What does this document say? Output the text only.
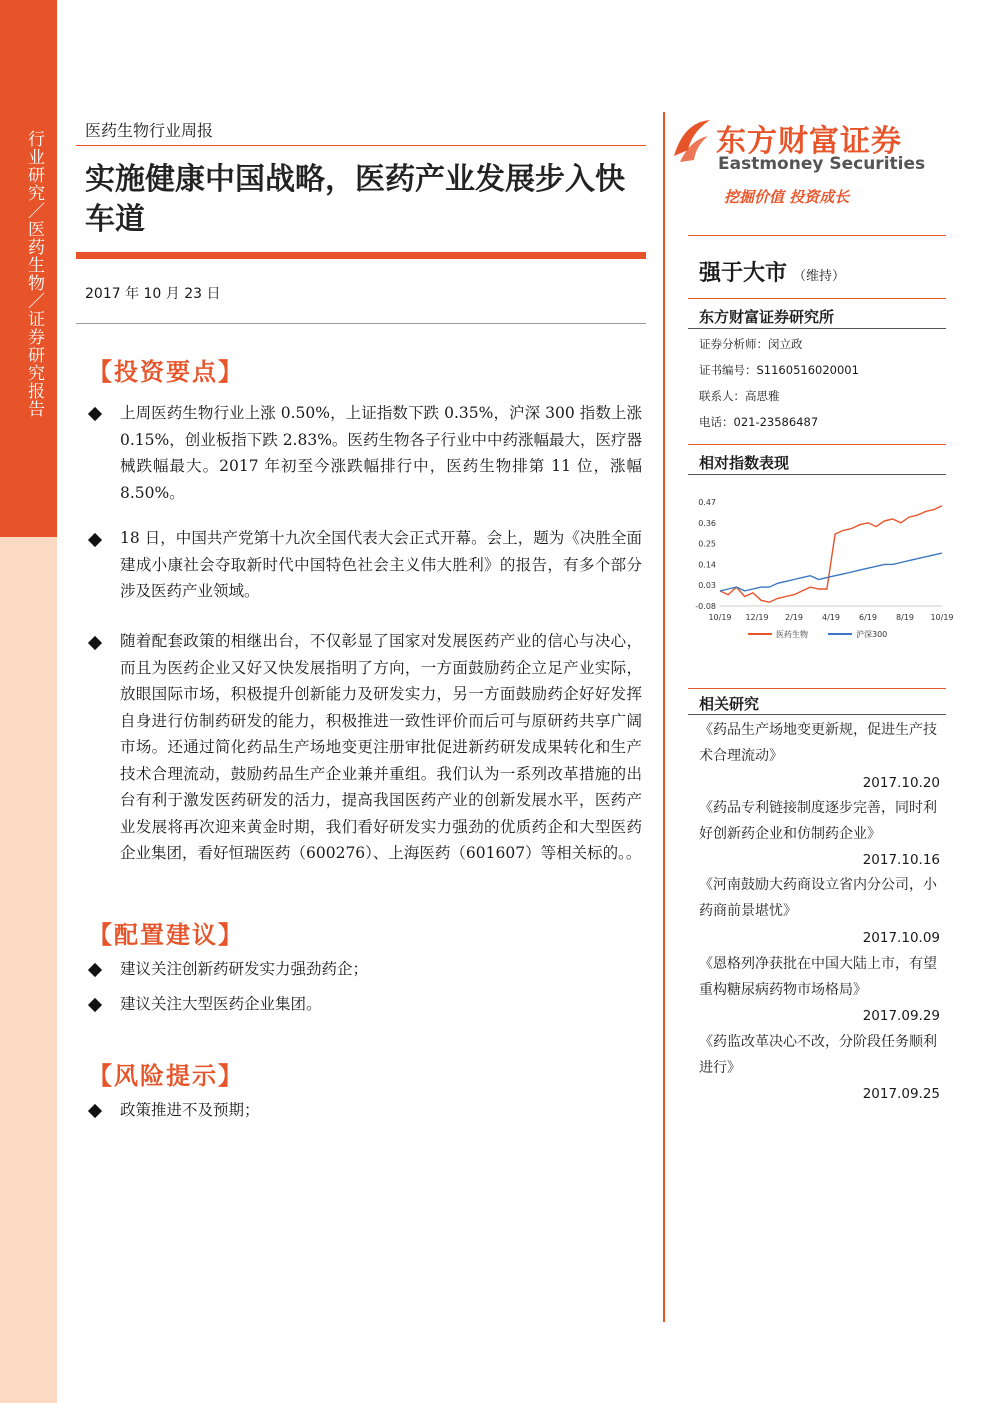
行业研究／医药生物／证券研究报告	医药生物行业周报
实施健康中国战略，医药产业发展步入快车道
2017 年 10 月 23 日
【投资要点】
上周医药生物行业上涨 0.50%，上证指数下跌 0.35%，沪深 300 指数上涨 0.15%，创业板指下跌 2.83%。医药生物各子行业中中药涨幅最大，医疗器械跌幅最大。2017 年初至今涨跌幅排行中，医药生物排第 11 位，涨幅 8.50%。
18 日，中国共产党第十九次全国代表大会正式开幕。会上，题为《决胜全面建成小康社会夺取新时代中国特色社会主义伟大胜利》的报告，有多个部分涉及医药产业领域。
随着配套政策的相继出台，不仅彰显了国家对发展医药产业的信心与决心，而且为医药企业又好又快发展指明了方向，一方面鼓励药企立足产业实际，放眼国际市场，积极提升创新能力及研发实力，另一方面鼓励药企好好发挥自身进行仿制药研发的能力，积极推进一致性评价而后可与原研药共享广阔市场。还通过简化药品生产场地变更注册审批促进新药研发成果转化和生产技术合理流动，鼓励药品生产企业兼并重组。我们认为一系列改革措施的出台有利于激发医药研发的活力，提高我国医药产业的创新发展水平，医药产业发展将再次迎来黄金时期，我们看好研发实力强劲的优质药企和大型医药企业集团，看好恒瑞医药（600276）、上海医药（601607）等相关标的。。
【配置建议】
建议关注创新药研发实力强劲药企；
建议关注大型医药企业集团。
【风险提示】
政策推进不及预期；
东方财富证券
Eastmoney Securities
挖掘价值 投资成长
强于大市 （维持）
东方财富证券研究所
证券分析师：闵立政
证书编号：S1160516020001
联系人：高思雅
电话：021-23586487
相对指数表现
0.47
0.36
0.25
0.14
0.03
-0.08
10/19 12/19 2/19 4/19 6/19 8/19 10/19
医药生物	沪深300
相关研究
《药品生产场地变更新规，促进生产技术合理流动》
2017.10.20
《药品专利链接制度逐步完善，同时利好创新药企业和仿制药企业》
2017.10.16
《河南鼓励大药商设立省内分公司，小药商前景堪忧》
2017.10.09
《恩格列净获批在中国大陆上市，有望重构糖尿病药物市场格局》
2017.09.29
《药监改革决心不改，分阶段任务顺利进行》
2017.09.25
